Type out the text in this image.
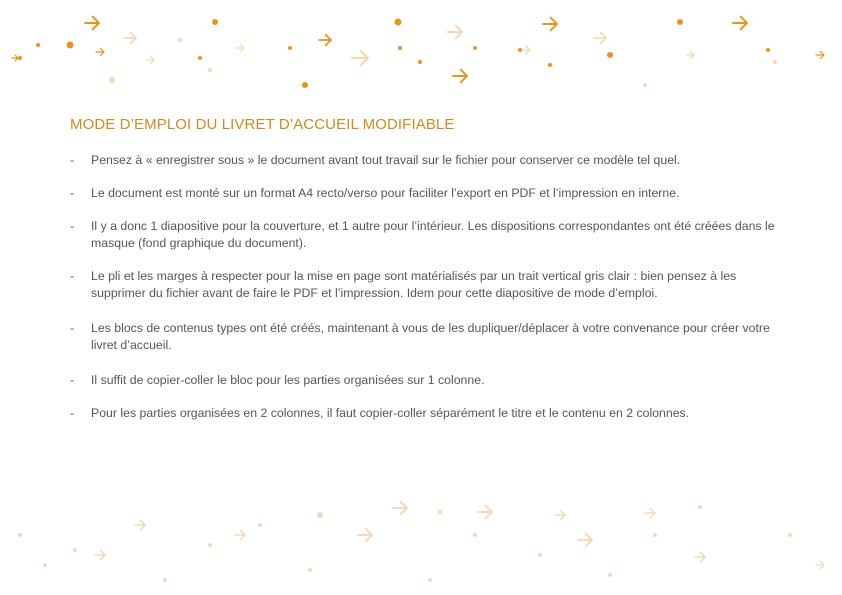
MODE D’EMPLOI DU LIVRET D’ACCUEIL MODIFIABLE
-	Pensez à « enregistrer sous » le document avant tout travail sur le fichier pour conserver ce modèle tel quel.
-	Le document est monté sur un format A4 recto/verso pour faciliter l’export en PDF et l’impression en interne.
-	Il y a donc 1 diapositive pour la couverture, et 1 autre pour l’intérieur. Les dispositions correspondantes ont été créées dans le masque (fond graphique du document).
-	Le pli et les marges à respecter pour la mise en page sont matérialisés par un trait vertical gris clair : bien pensez à les supprimer du fichier avant de faire le PDF et l’impression. Idem pour cette diapositive de mode d’emploi.
-	Les blocs de contenus types ont été créés, maintenant à vous de les dupliquer/déplacer à votre convenance pour créer votre livret d’accueil.
-	Il suffit de copier-coller le bloc pour les parties organisées sur 1 colonne.
-	Pour les parties organisées en 2 colonnes, il faut copier-coller séparément le titre et le contenu en 2 colonnes.
